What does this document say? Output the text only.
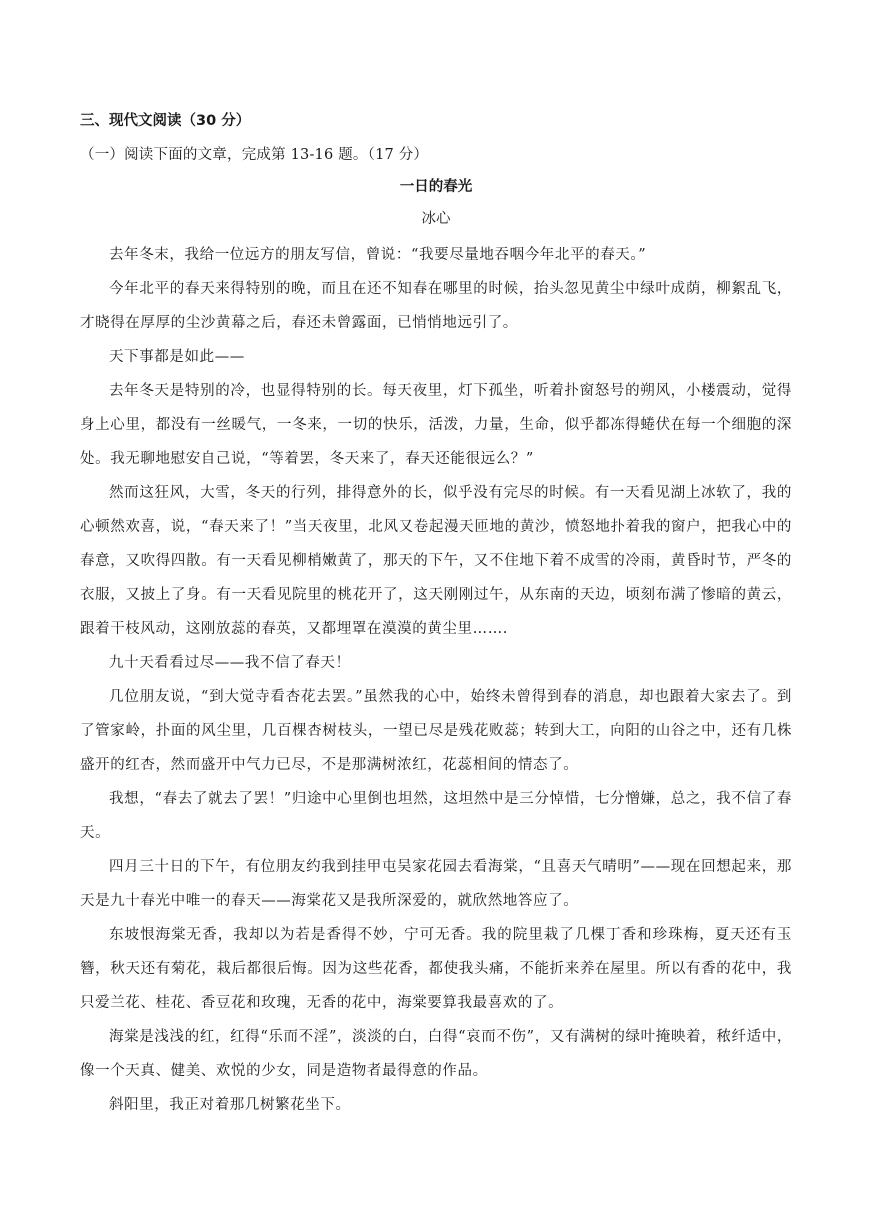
三、现代文阅读（30 分）
（一）阅读下面的文章，完成第 13-16 题。（17 分）
一日的春光
冰心

去年冬末，我给一位远方的朋友写信，曾说：“我要尽量地吞咽今年北平的春天。”

今年北平的春天来得特别的晚，而且在还不知春在哪里的时候，抬头忽见黄尘中绿叶成荫，柳絮乱飞，才晓得在厚厚的尘沙黄幕之后，春还未曾露面，已悄悄地远引了。

天下事都是如此——

去年冬天是特别的冷，也显得特别的长。每天夜里，灯下孤坐，听着扑窗怒号的朔风，小楼震动，觉得身上心里，都没有一丝暖气，一冬来，一切的快乐，活泼，力量，生命，似乎都冻得蜷伏在每一个细胞的深处。我无聊地慰安自己说，“等着罢，冬天来了，春天还能很远么？”

然而这狂风，大雪，冬天的行列，排得意外的长，似乎没有完尽的时候。有一天看见湖上冰软了，我的心顿然欢喜，说，“春天来了！”当天夜里，北风又卷起漫天匝地的黄沙，愤怒地扑着我的窗户，把我心中的春意，又吹得四散。有一天看见柳梢嫩黄了，那天的下午，又不住地下着不成雪的冷雨，黄昏时节，严冬的衣服，又披上了身。有一天看见院里的桃花开了，这天刚刚过午，从东南的天边，顷刻布满了惨暗的黄云，跟着干枝风动，这刚放蕊的春英，又都埋罩在漠漠的黄尘里…….

九十天看看过尽——我不信了春天！

几位朋友说，“到大觉寺看杏花去罢。”虽然我的心中，始终未曾得到春的消息，却也跟着大家去了。到了管家岭，扑面的风尘里，几百棵杏树枝头，一望已尽是残花败蕊；转到大工，向阳的山谷之中，还有几株盛开的红杏，然而盛开中气力已尽，不是那满树浓红，花蕊相间的情态了。

我想，“春去了就去了罢！”归途中心里倒也坦然，这坦然中是三分悼惜，七分憎嫌，总之，我不信了春天。

四月三十日的下午，有位朋友约我到挂甲屯吴家花园去看海棠，“且喜天气晴明”——现在回想起来，那天是九十春光中唯一的春天——海棠花又是我所深爱的，就欣然地答应了。

东坡恨海棠无香，我却以为若是香得不妙，宁可无香。我的院里栽了几棵丁香和珍珠梅，夏天还有玉簪，秋天还有菊花，栽后都很后悔。因为这些花香，都使我头痛，不能折来养在屋里。所以有香的花中，我只爱兰花、桂花、香豆花和玫瑰，无香的花中，海棠要算我最喜欢的了。

海棠是浅浅的红，红得“乐而不淫”，淡淡的白，白得“哀而不伤”，又有满树的绿叶掩映着，秾纤适中，像一个天真、健美、欢悦的少女，同是造物者最得意的作品。

斜阳里，我正对着那几树繁花坐下。
